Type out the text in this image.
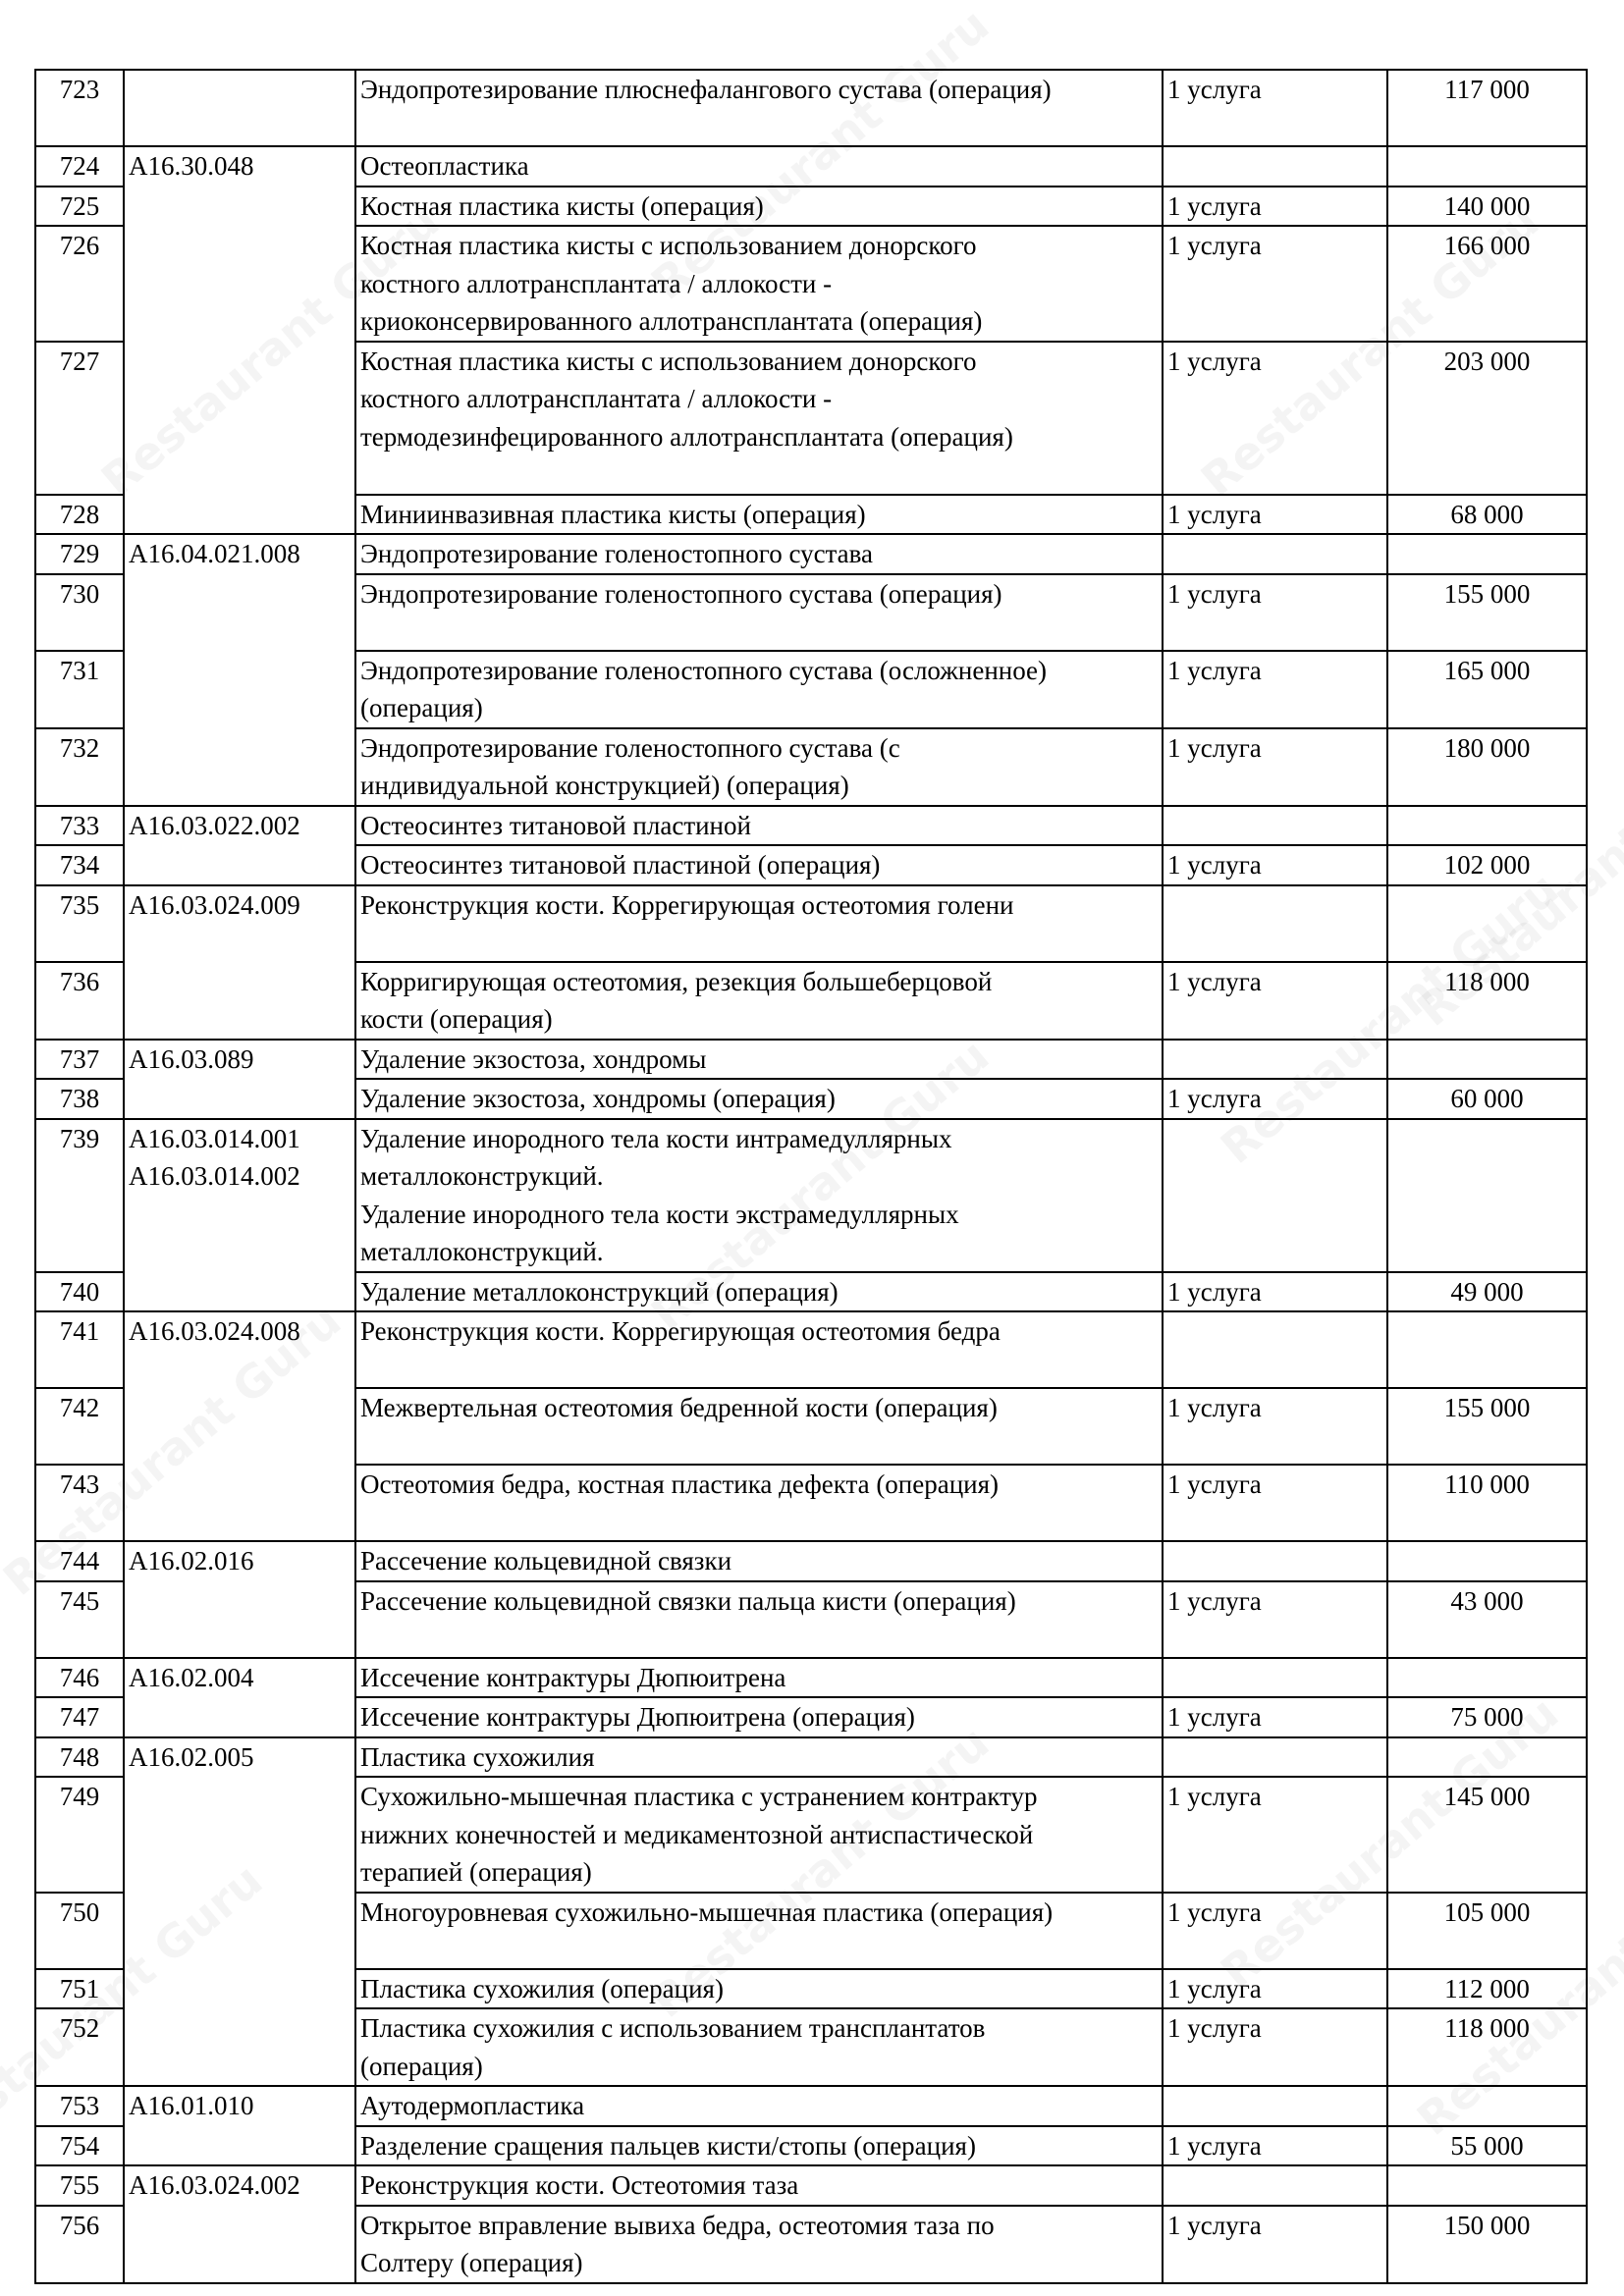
723		Эндопротезирование плюснефаланговогo сустава (операция)	1 услуга	117 000
724	A16.30.048	Остеопластика		

725		Костная пластика кисты (операция)	1 услуга	140 000
726		Костная пластика кисты с использованием донорского
костного аллотрансплантата / аллокости -
криоконсервированного аллотрансплантата (операция)	1 услуга	166 000
727		Костная пластика кисты с использованием донорского
костного аллотрансплантата / аллокости -
термодезинфецированного аллотрансплантата (операция)	1 услуга	203 000
728		Миниинвазивная пластика кисты (операция)	1 услуга	68 000
729	A16.04.021.008	Эндопротезирование голеностопного сустава		

730		Эндопротезирование голеностопного сустава (операция)	1 услуга	155 000
731		Эндопротезирование голеностопного сустава (осложненное)
(операция)	1 услуга	165 000
732		Эндопротезирование голеностопного сустава (с
индивидуальной конструкцией) (операция)	1 услуга	180 000
733	A16.03.022.002	Остеосинтез титановой пластиной		

734		Остеосинтез титановой пластиной (операция)	1 услуга	102 000
735	A16.03.024.009	Реконструкция кости. Коррегирующая остеотомия голени		

736		Корригирующая остеотомия, резекция большеберцовой
кости (операция)	1 услуга	118 000
737	A16.03.089	Удаление экзостоза, хондромы		

738		Удаление экзостоза, хондромы (операция)	1 услуга	60 000
739	A16.03.014.001
A16.03.014.002	Удаление инородного тела кости интрамедуллярных
металлоконструкций.
Удаление инородного тела кости экстрамедуллярных
металлоконструкций.		

740		Удаление металлоконструкций (операция)	1 услуга	49 000
741	A16.03.024.008	Реконструкция кости. Коррегирующая остеотомия бедра		

742		Межвертельная остеотомия бедренной кости (операция)	1 услуга	155 000
743		Остеотомия бедра, костная пластика дефекта (операция)	1 услуга	110 000
744	A16.02.016	Рассечение кольцевидной связки		

745		Рассечение кольцевидной связки пальца кисти (операция)	1 услуга	43 000
746	A16.02.004	Иссечение контрактуры Дюпюитрена		

747		Иссечение контрактуры Дюпюитрена (операция)	1 услуга	75 000
748	A16.02.005	Пластика сухожилия		

749		Сухожильно-мышечная пластика с устранением контрактур
нижних конечностей и медикаментозной антиспастической
терапией (операция)	1 услуга	145 000
750		Многоуровневая сухожильно-мышечная пластика (операция)	1 услуга	105 000
751		Пластика сухожилия (операция)	1 услуга	112 000
752		Пластика сухожилия с использованием трансплантатов
(операция)	1 услуга	118 000
753	A16.01.010	Аутодермопластика		

754		Разделение сращения пальцев кисти/стопы (операция)	1 услуга	55 000
755	A16.03.024.002	Реконструкция кости. Остеотомия таза		

756		Открытое вправление вывиха бедра, остеотомия таза по
Солтеру (операция)	1 услуга	150 000
